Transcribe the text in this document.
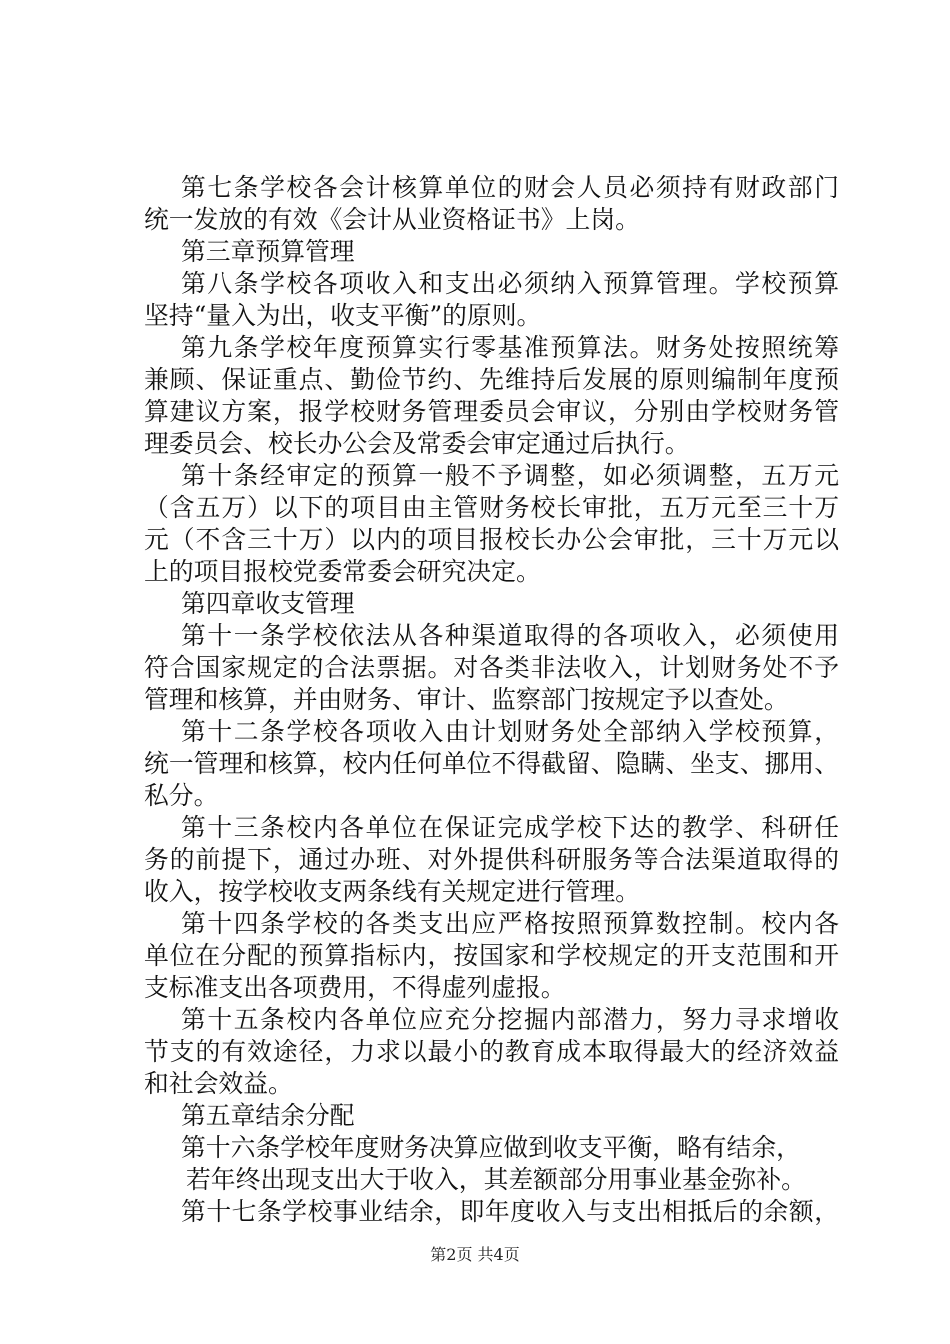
第七条学校各会计核算单位的财会人员必须持有财政部门
统一发放的有效《会计从业资格证书》上岗。
第三章预算管理
第八条学校各项收入和支出必须纳入预算管理。学校预算
坚持“量入为出，收支平衡”的原则。
第九条学校年度预算实行零基准预算法。财务处按照统筹
兼顾、保证重点、勤俭节约、先维持后发展的原则编制年度预
算建议方案，报学校财务管理委员会审议，分别由学校财务管
理委员会、校长办公会及常委会审定通过后执行。
第十条经审定的预算一般不予调整，如必须调整，五万元
（含五万）以下的项目由主管财务校长审批，五万元至三十万
元（不含三十万）以内的项目报校长办公会审批，三十万元以
上的项目报校党委常委会研究决定。
第四章收支管理
第十一条学校依法从各种渠道取得的各项收入，必须使用
符合国家规定的合法票据。对各类非法收入，计划财务处不予
管理和核算，并由财务、审计、监察部门按规定予以查处。
第十二条学校各项收入由计划财务处全部纳入学校预算，
统一管理和核算，校内任何单位不得截留、隐瞒、坐支、挪用、
私分。
第十三条校内各单位在保证完成学校下达的教学、科研任
务的前提下，通过办班、对外提供科研服务等合法渠道取得的
收入，按学校收支两条线有关规定进行管理。
第十四条学校的各类支出应严格按照预算数控制。校内各
单位在分配的预算指标内，按国家和学校规定的开支范围和开
支标准支出各项费用，不得虚列虚报。
第十五条校内各单位应充分挖掘内部潜力，努力寻求增收
节支的有效途径，力求以最小的教育成本取得最大的经济效益
和社会效益。
第五章结余分配
第十六条学校年度财务决算应做到收支平衡，略有结余，
若年终出现支出大于收入，其差额部分用事业基金弥补。
第十七条学校事业结余，即年度收入与支出相抵后的余额，
第2页 共4页
